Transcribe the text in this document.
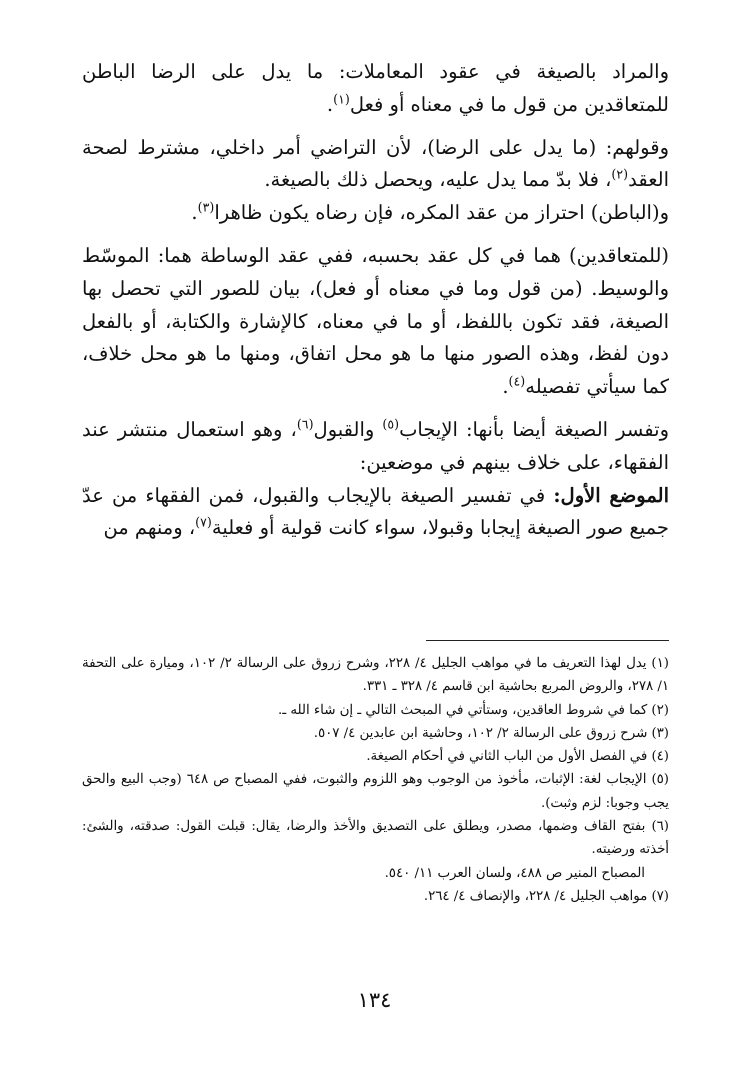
والمراد بالصيغة في عقود المعاملات: ما يدل على الرضا الباطن للمتعاقدين من قول ما في معناه أو فعل$^{(١)}$.

وقولهم: (ما يدل على الرضا)، لأن التراضي أمر داخلي، مشترط لصحة العقد$^{(٢)}$، فلا بدّ مما يدل عليه، ويحصل ذلك بالصيغة.

و(الباطن) احتراز من عقد المكره، فإن رضاه يكون ظاهرا$^{(٣)}$.

(للمتعاقدين) هما في كل عقد بحسبه، ففي عقد الوساطة هما: الموسّط والوسيط. (من قول وما في معناه أو فعل)، بيان للصور التي تحصل بها الصيغة، فقد تكون باللفظ، أو ما في معناه، كالإشارة والكتابة، أو بالفعل دون لفظ، وهذه الصور منها ما هو محل اتفاق، ومنها ما هو محل خلاف، كما سيأتي تفصيله$^{(٤)}$.

وتفسر الصيغة أيضا بأنها: الإيجاب$^{(٥)}$ والقبول$^{(٦)}$، وهو استعمال منتشر عند الفقهاء، على خلاف بينهم في موضعين:

الموضع الأول: في تفسير الصيغة بالإيجاب والقبول، فمن الفقهاء من عدّ جميع صور الصيغة إيجابا وقبولا، سواء كانت قولية أو فعلية$^{(٧)}$، ومنهم من

(١) يدل لهذا التعريف ما في مواهب الجليل ٤/ ٢٢٨، وشرح زروق على الرسالة ٢/ ١٠٢، وميارة على التحفة ١/ ٢٧٨، والروض المربع بحاشية ابن قاسم ٤/ ٣٢٨ ـ ٣٣١.

(٢) كما في شروط العاقدين، وستأتي في المبحث التالي ـ إن شاء الله ـ.

(٣) شرح زروق على الرسالة ٢/ ١٠٢، وحاشية ابن عابدين ٤/ ٥٠٧.

(٤) في الفصل الأول من الباب الثاني في أحكام الصيغة.

(٥) الإيجاب لغة: الإثبات، مأخوذ من الوجوب وهو اللزوم والثبوت، ففي المصباح ص ٦٤٨ (وجب البيع والحق يجب وجوبا: لزم وثبت).

(٦) بفتح القاف وضمها، مصدر، ويطلق على التصديق والأخذ والرضا، يقال: قبلت القول: صدقته، والشئ: أخذته ورضيته.

المصباح المنير ص ٤٨٨، ولسان العرب ١١/ ٥٤٠.

(٧) مواهب الجليل ٤/ ٢٢٨، والإنصاف ٤/ ٢٦٤.

١٣٤
